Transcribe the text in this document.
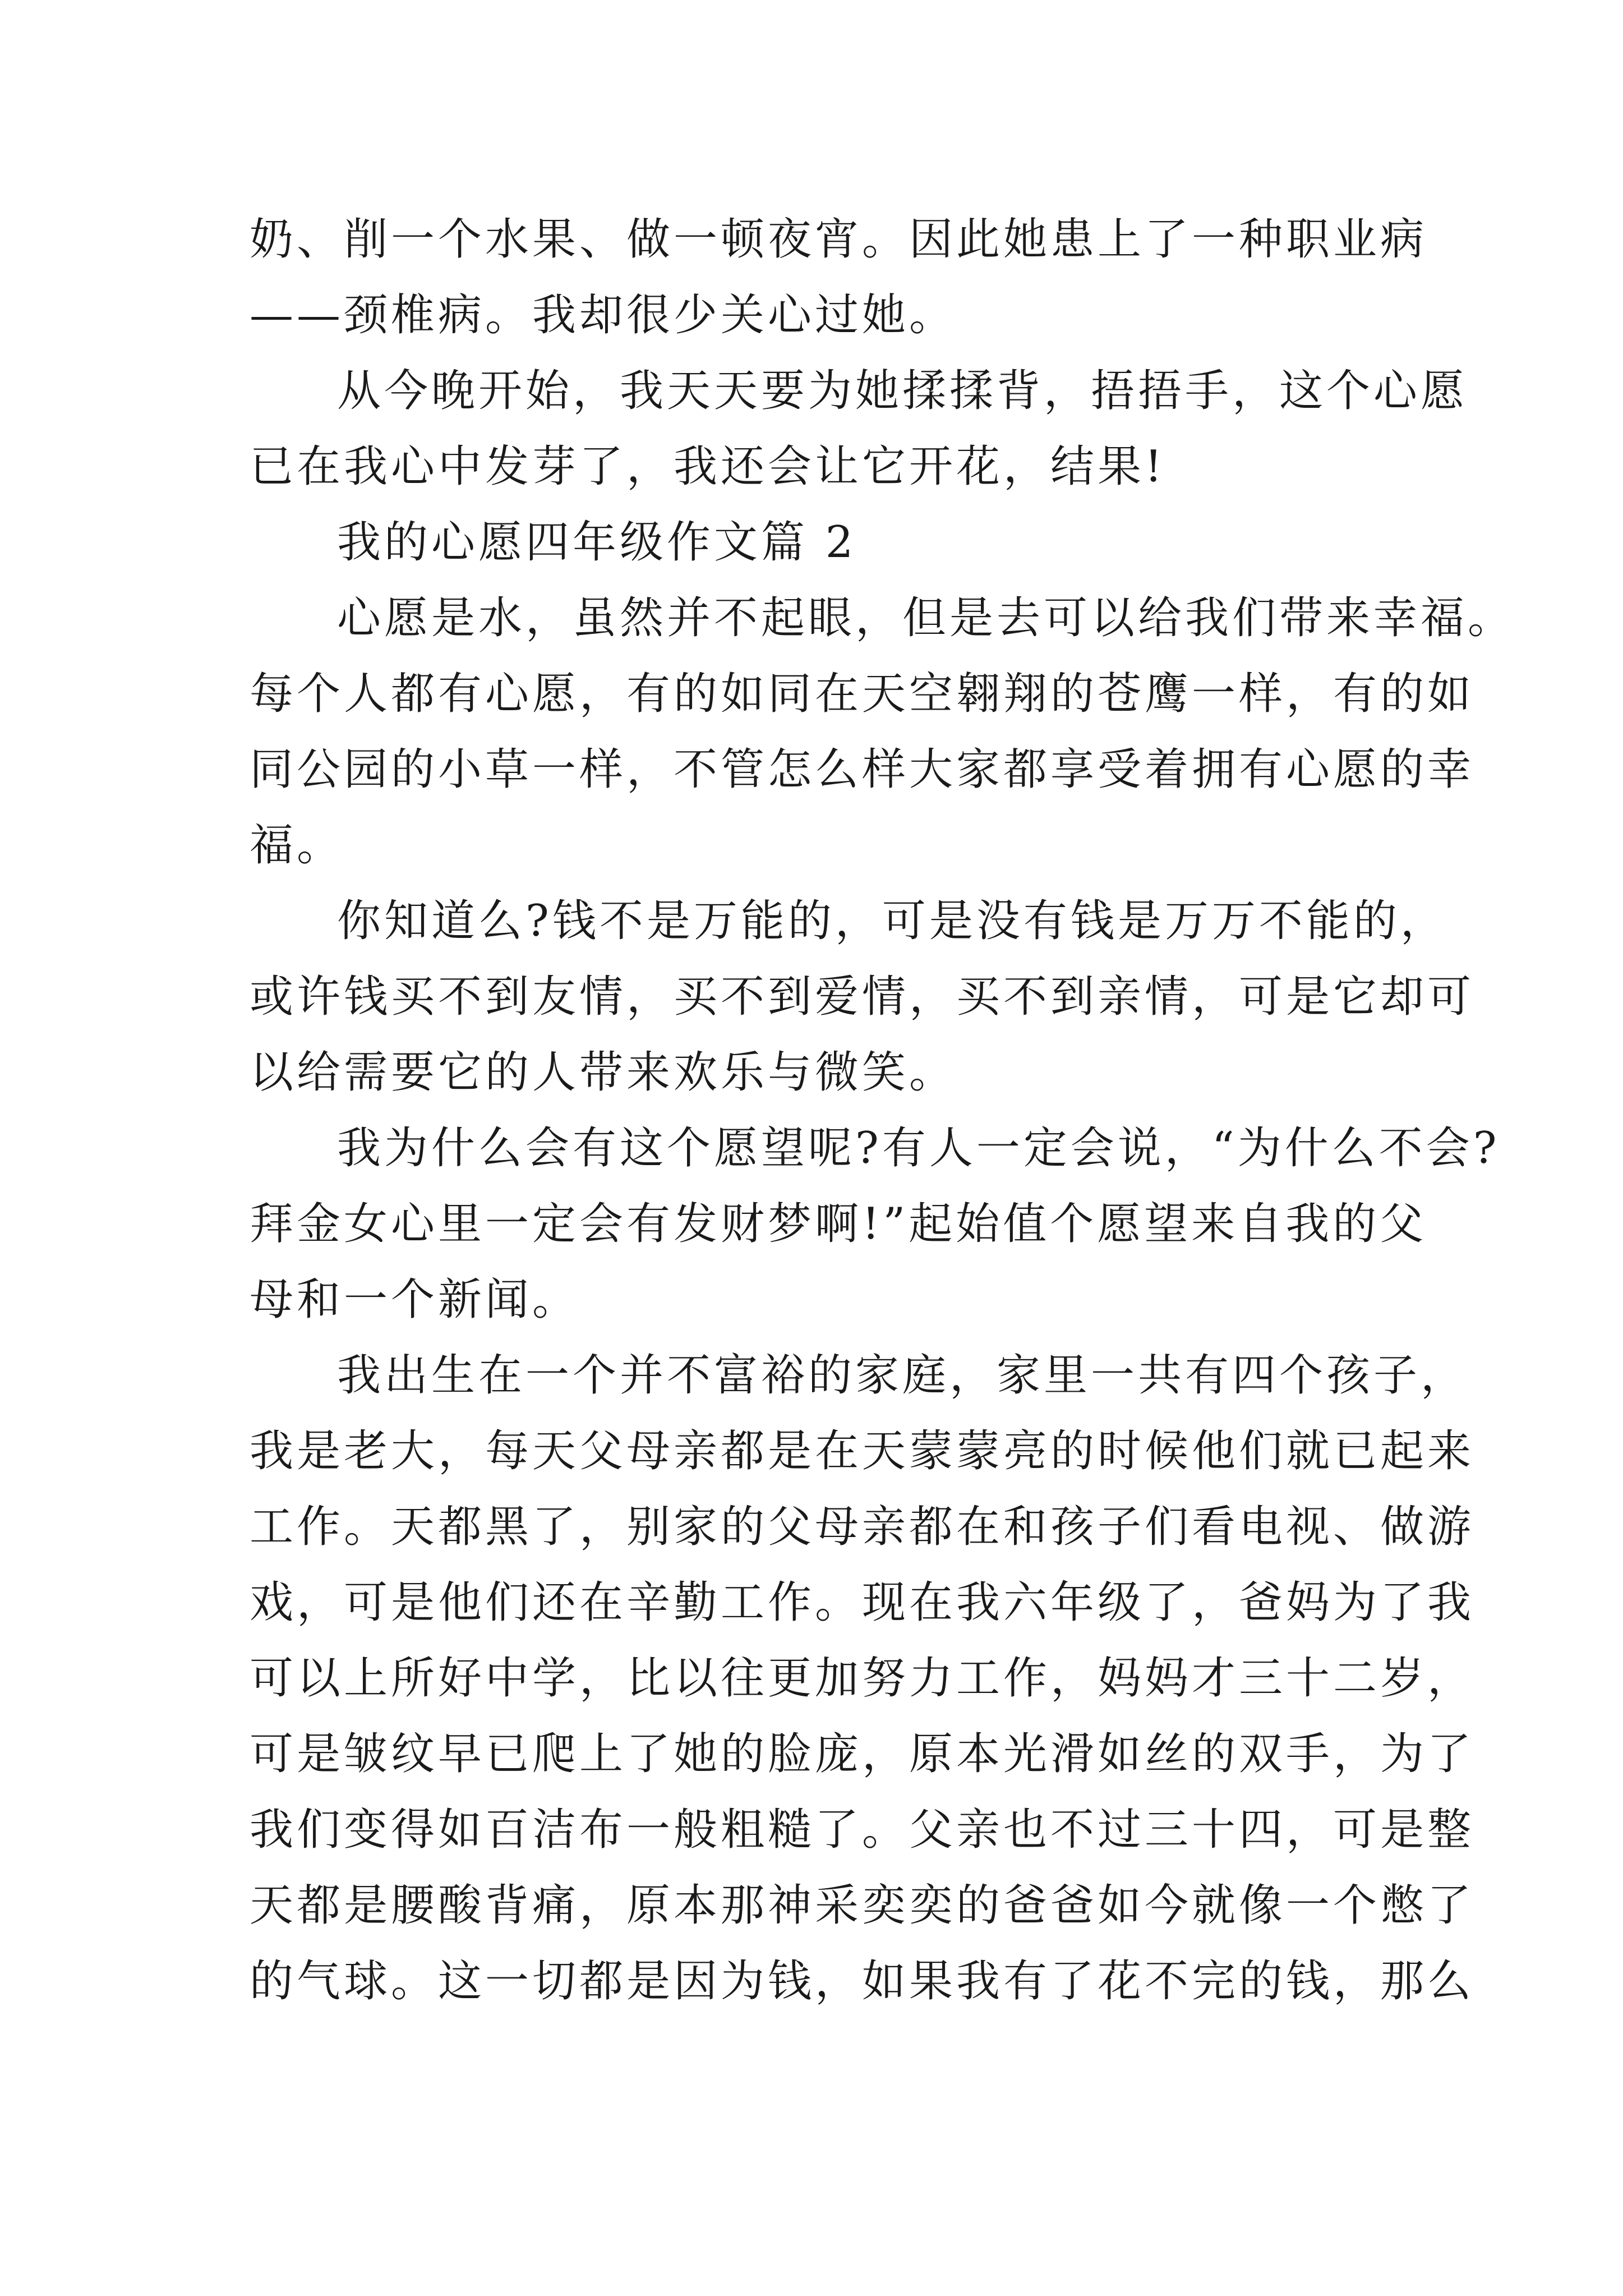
奶、削一个水果、做一顿夜宵。因此她患上了一种职业病
——颈椎病。我却很少关心过她。
从今晚开始，我天天要为她揉揉背，捂捂手，这个心愿
已在我心中发芽了，我还会让它开花，结果!
我的心愿四年级作文篇 2
心愿是水，虽然并不起眼，但是去可以给我们带来幸福。
每个人都有心愿，有的如同在天空翱翔的苍鹰一样，有的如
同公园的小草一样，不管怎么样大家都享受着拥有心愿的幸
福。
你知道么?钱不是万能的，可是没有钱是万万不能的，
或许钱买不到友情，买不到爱情，买不到亲情，可是它却可
以给需要它的人带来欢乐与微笑。
我为什么会有这个愿望呢?有人一定会说，“为什么不会?
拜金女心里一定会有发财梦啊!”起始值个愿望来自我的父
母和一个新闻。
我出生在一个并不富裕的家庭，家里一共有四个孩子，
我是老大，每天父母亲都是在天蒙蒙亮的时候他们就已起来
工作。天都黑了，别家的父母亲都在和孩子们看电视、做游
戏，可是他们还在辛勤工作。现在我六年级了，爸妈为了我
可以上所好中学，比以往更加努力工作，妈妈才三十二岁，
可是皱纹早已爬上了她的脸庞，原本光滑如丝的双手，为了
我们变得如百洁布一般粗糙了。父亲也不过三十四，可是整
天都是腰酸背痛，原本那神采奕奕的爸爸如今就像一个憋了
的气球。这一切都是因为钱，如果我有了花不完的钱，那么
